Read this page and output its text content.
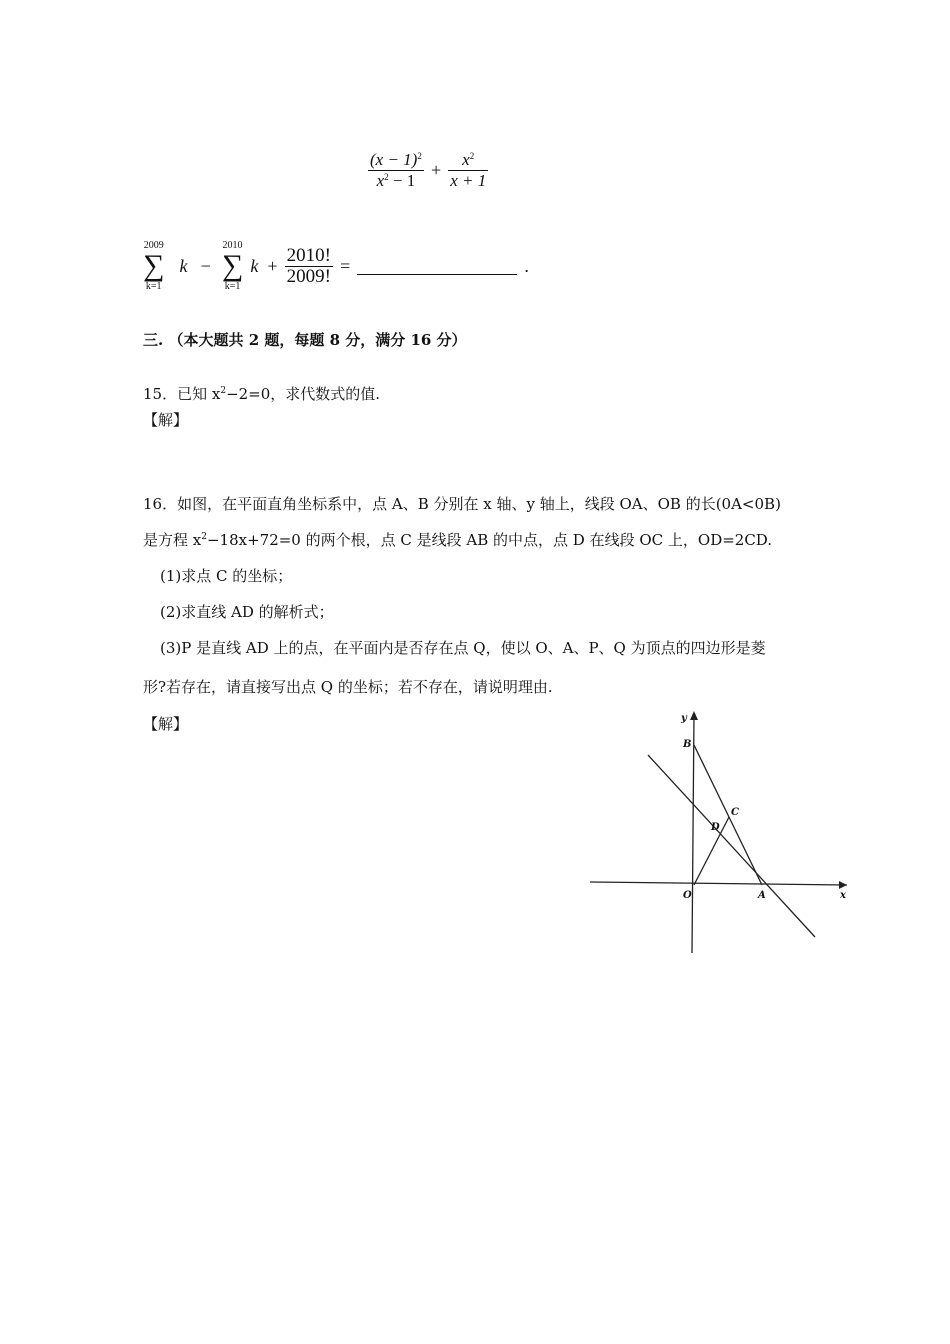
$\frac{(x - 1)^2}{x^2 - 1} + \frac{x^2}{x + 1}$
2009
∑
k=1
k −
2010
∑
k=1
$k + \frac{2010!}{2009!}$ =	.
三. （本大题共 2 题，每题 8 分，满分 16 分）
15．已知 $x^2-2=0$，求代数式的值.
【解】
16．如图，在平面直角坐标系中，点 A、B 分别在 x 轴、y 轴上，线段 OA、OB 的长(0A<0B)
是方程 $x^2-18x+72=0$ 的两个根，点 C 是线段 AB 的中点，点 D 在线段 OC 上，OD=2CD.
(1)求点 C 的坐标；
(2)求直线 AD 的解析式；
(3)P 是直线 AD 上的点，在平面内是否存在点 Q，使以 O、A、P、Q 为顶点的四边形是菱
形?若存在，请直接写出点 Q 的坐标；若不存在，请说明理由.
【解】	y
x
O	A
B
C
D
